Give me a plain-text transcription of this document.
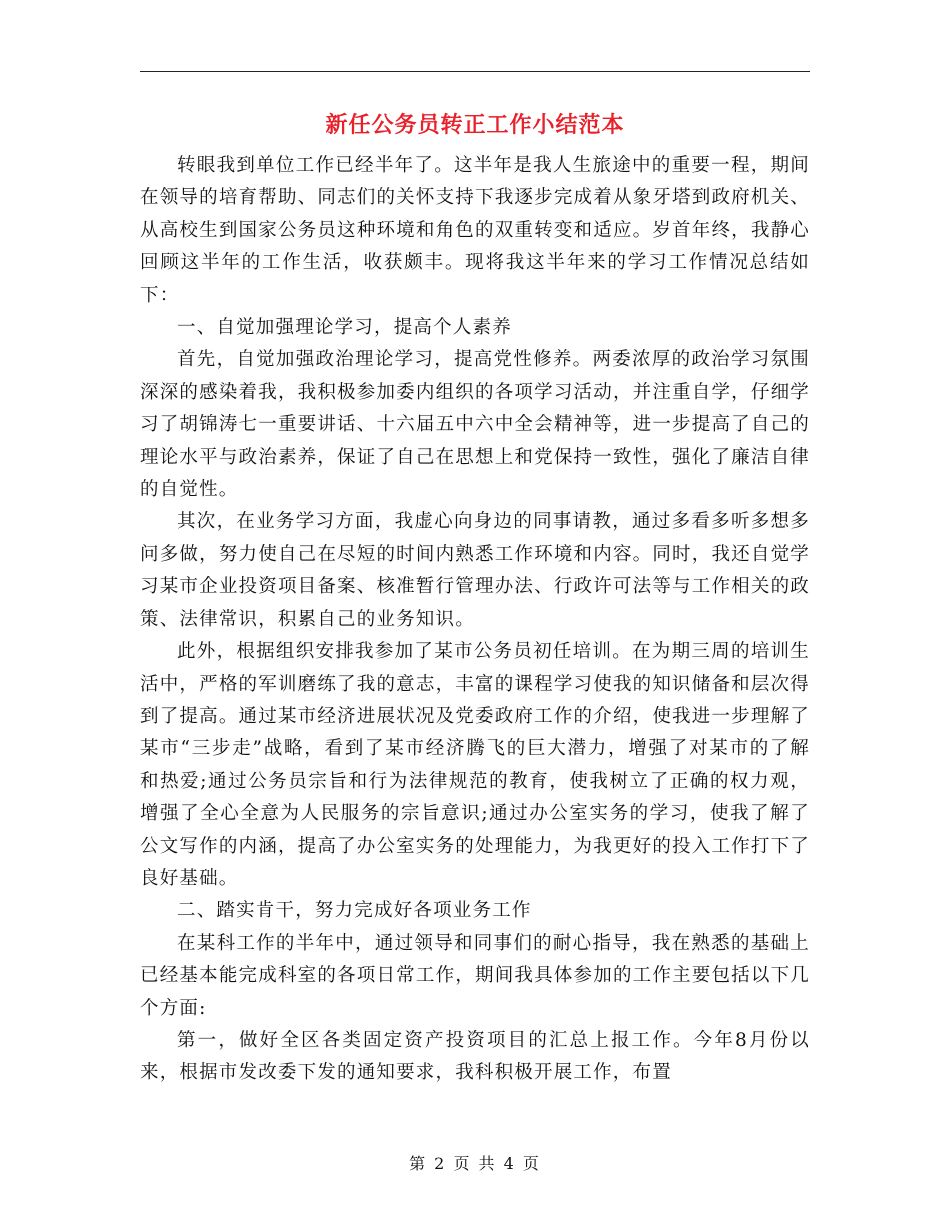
新任公务员转正工作小结范本

转眼我到单位工作已经半年了。这半年是我人生旅途中的重要一程，期间在领导的培育帮助、同志们的关怀支持下我逐步完成着从象牙塔到政府机关、从高校生到国家公务员这种环境和角色的双重转变和适应。岁首年终，我静心回顾这半年的工作生活，收获颇丰。现将我这半年来的学习工作情况总结如下：

一、自觉加强理论学习，提高个人素养

首先，自觉加强政治理论学习，提高党性修养。两委浓厚的政治学习氛围深深的感染着我，我积极参加委内组织的各项学习活动，并注重自学，仔细学习了胡锦涛七一重要讲话、十六届五中六中全会精神等，进一步提高了自己的理论水平与政治素养，保证了自己在思想上和党保持一致性，强化了廉洁自律的自觉性。

其次，在业务学习方面，我虚心向身边的同事请教，通过多看多听多想多问多做，努力使自己在尽短的时间内熟悉工作环境和内容。同时，我还自觉学习某市企业投资项目备案、核准暂行管理办法、行政许可法等与工作相关的政策、法律常识，积累自己的业务知识。

此外，根据组织安排我参加了某市公务员初任培训。在为期三周的培训生活中，严格的军训磨练了我的意志，丰富的课程学习使我的知识储备和层次得到了提高。通过某市经济进展状况及党委政府工作的介绍，使我进一步理解了某市“三步走”战略，看到了某市经济腾飞的巨大潜力，增强了对某市的了解和热爱;通过公务员宗旨和行为法律规范的教育，使我树立了正确的权力观，增强了全心全意为人民服务的宗旨意识;通过办公室实务的学习，使我了解了公文写作的内涵，提高了办公室实务的处理能力，为我更好的投入工作打下了良好基础。

二、踏实肯干，努力完成好各项业务工作

在某科工作的半年中，通过领导和同事们的耐心指导，我在熟悉的基础上已经基本能完成科室的各项日常工作，期间我具体参加的工作主要包括以下几个方面:

第一，做好全区各类固定资产投资项目的汇总上报工作。今年8月份以来，根据市发改委下发的通知要求，我科积极开展工作，布置

第 2 页 共 4 页
